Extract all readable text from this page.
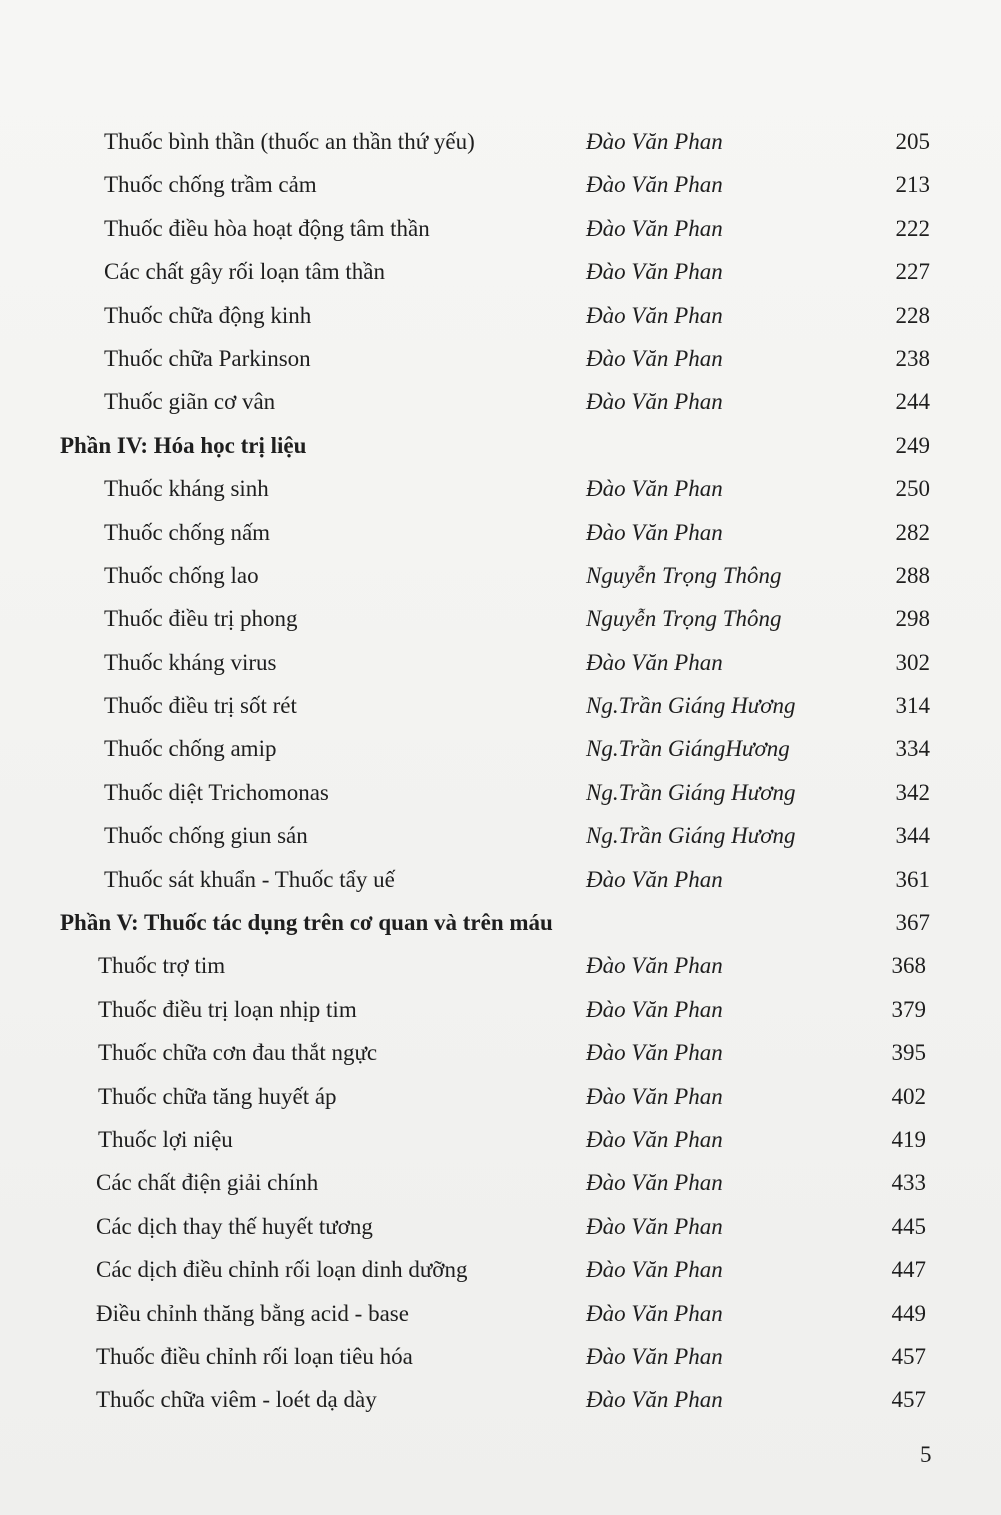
Thuốc bình thần (thuốc an thần thứ yếu)	Đào Văn Phan	205
Thuốc chống trầm cảm	Đào Văn Phan	213
Thuốc điều hòa hoạt động tâm thần	Đào Văn Phan	222
Các chất gây rối loạn tâm thần	Đào Văn Phan	227
Thuốc chữa động kinh	Đào Văn Phan	228
Thuốc chữa Parkinson	Đào Văn Phan	238
Thuốc giãn cơ vân	Đào Văn Phan	244
Phần IV: Hóa học trị liệu	249
Thuốc kháng sinh	Đào Văn Phan	250
Thuốc chống nấm	Đào Văn Phan	282
Thuốc chống lao	Nguyễn Trọng Thông	288
Thuốc điều trị phong	Nguyễn Trọng Thông	298
Thuốc kháng virus	Đào Văn Phan	302
Thuốc điều trị sốt rét	Ng.Trần Giáng Hương	314
Thuốc chống amip	Ng.Trần GiángHương	334
Thuốc diệt Trichomonas	Ng.Trần Giáng Hương	342
Thuốc chống giun sán	Ng.Trần Giáng Hương	344
Thuốc sát khuẩn - Thuốc tẩy uế	Đào Văn Phan	361
Phần V: Thuốc tác dụng trên cơ quan và trên máu	367
Thuốc trợ tim	Đào Văn Phan	368
Thuốc điều trị loạn nhịp tim	Đào Văn Phan	379
Thuốc chữa cơn đau thắt ngực	Đào Văn Phan	395
Thuốc chữa tăng huyết áp	Đào Văn Phan	402
Thuốc lợi niệu	Đào Văn Phan	419
Các chất điện giải chính	Đào Văn Phan	433
Các dịch thay thế huyết tương	Đào Văn Phan	445
Các dịch điều chỉnh rối loạn dinh dưỡng	Đào Văn Phan	447
Điều chỉnh thăng bằng acid - base	Đào Văn Phan	449
Thuốc điều chỉnh rối loạn tiêu hóa	Đào Văn Phan	457
Thuốc chữa viêm - loét dạ dày	Đào Văn Phan	457
5
